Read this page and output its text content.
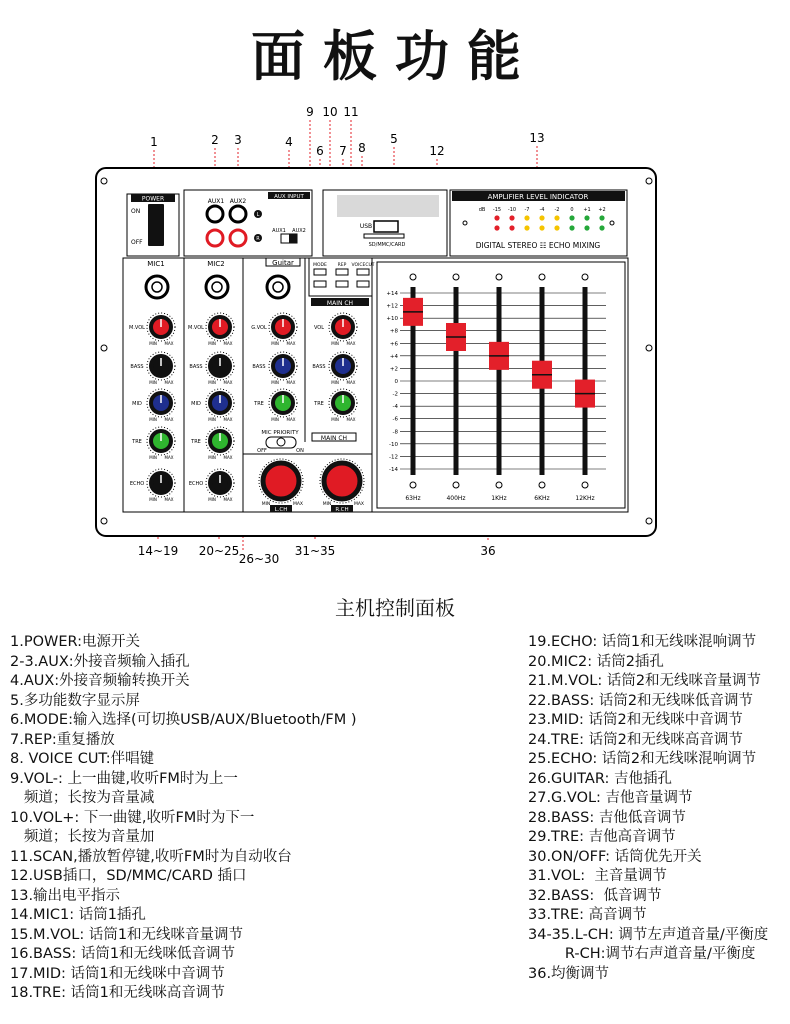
面板功能
1	2 3	4
9 10 11
6 7 8
5
12
13
14~19 20~25
26~30
31~35	36
POWER
ON
OFF
AUX1 AUX2
L
R
AUX INPUT
AUX1 AUX2
USB
SD/MMC/CARD
AMPLIFIER LEVEL INDICATOR
dB -15 -10 -7 -4 -2 0 +1 +2
DIGITAL STEREO ☷ ECHO MIXING
MIC1	MIC2	Guitar
MIC PRIORITY
OFF	ON
MODE REP VOICECUT
MAIN CH
MAIN CH
M.VOL
MIN MAX
M.VOL
MIN MAX
BASS
MIN MAX
BASS
MIN MAX
MID
MIN MAX
MID
MIN MAX
TRE
MIN MAX
TRE
MIN MAX
ECHO
MIN MAX
ECHO
MIN MAX
G.VOL
MIN MAX
VOL
MIN MAX
BASS
MIN MAX
BASS
MIN MAX
TRE
MIN MAX
TRE
MIN MAX
L.CH
MIN	MAX
R.CH
MIN	MAX
+14
+12
+10
+8
+6
+4
+2
0
-2
-4
-6
-8
-10
-12
-14
63Hz	400Hz	1KHz	6KHz	12KHz
主机控制面板
1.POWER:电源开关
2-3.AUX:外接音频输入插孔
4.AUX:外接音频输转换开关
5.多功能数字显示屏
6.MODE:输入选择(可切换USB/AUX/Bluetooth/FM )
7.REP:重复播放
8. VOICE CUT:伴唱键
9.VOL-: 上一曲键,收听FM时为上一
频道；长按为音量减
10.VOL+: 下一曲键,收听FM时为下一
频道；长按为音量加
11.SCAN,播放暂停键,收听FM时为自动收台
12.USB插口，SD/MMC/CARD 插口
13.输出电平指示
14.MIC1: 话筒1插孔
15.M.VOL: 话筒1和无线咪音量调节
16.BASS: 话筒1和无线咪低音调节
17.MID: 话筒1和无线咪中音调节
18.TRE: 话筒1和无线咪高音调节
19.ECHO: 话筒1和无线咪混响调节
20.MIC2: 话筒2插孔
21.M.VOL: 话筒2和无线咪音量调节
22.BASS: 话筒2和无线咪低音调节
23.MID: 话筒2和无线咪中音调节
24.TRE: 话筒2和无线咪高音调节
25.ECHO: 话筒2和无线咪混响调节
26.GUITAR: 吉他插孔
27.G.VOL: 吉他音量调节
28.BASS: 吉他低音调节
29.TRE: 吉他高音调节
30.ON/OFF: 话筒优先开关
31.VOL:  主音量调节
32.BASS:  低音调节
33.TRE: 高音调节
34-35.L-CH: 调节左声道音量/平衡度
R-CH:调节右声道音量/平衡度
36.均衡调节
